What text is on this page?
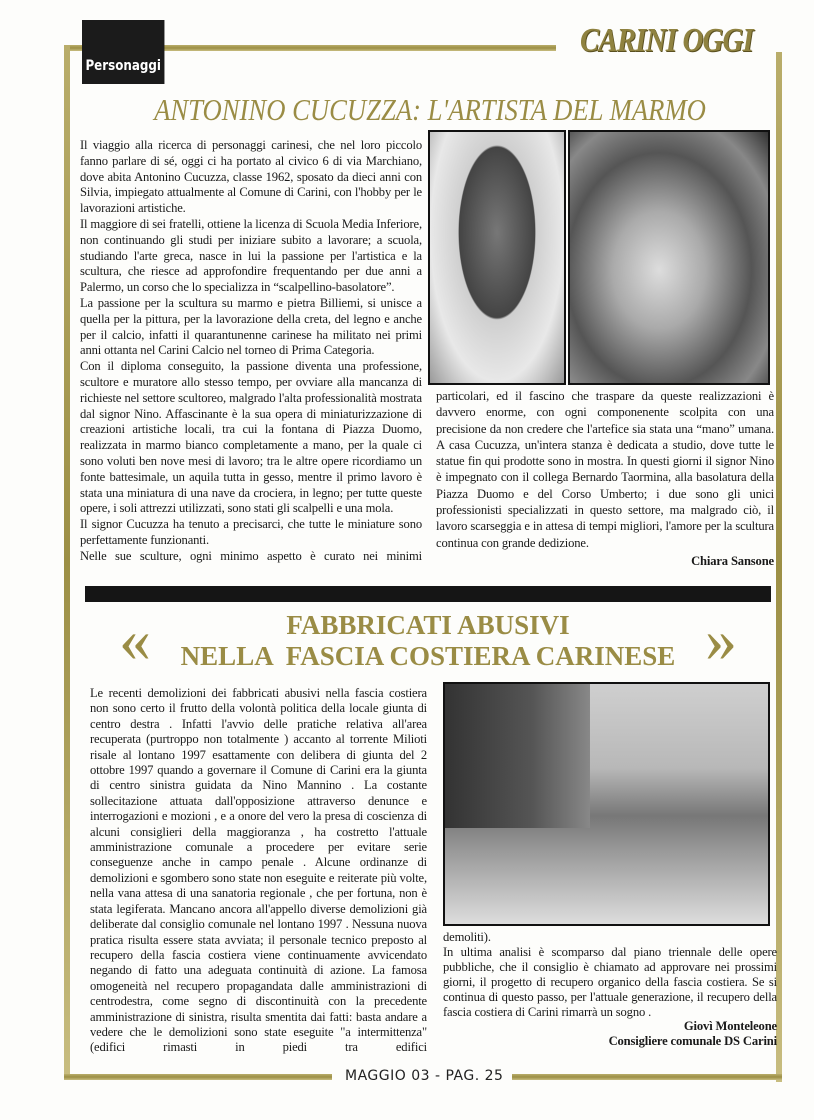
Personaggi
CARINI OGGI
ANTONINO CUCUZZA: L'ARTISTA DEL MARMO

Il viaggio alla ricerca di personaggi carinesi, che nel loro piccolo fanno parlare di sé, oggi ci ha portato al civico 6 di via Marchiano, dove abita Antonino Cucuzza, classe 1962, sposato da dieci anni con Silvia, impiegato attualmente al Comune di Carini, con l'hobby per le lavorazioni artistiche.

Il maggiore di sei fratelli, ottiene la licenza di Scuola Media Inferiore, non continuando gli studi per iniziare subito a lavorare; a scuola, studiando l'arte greca, nasce in lui la passione per l'artistica e la scultura, che riesce ad approfondire frequentando per due anni a Palermo, un corso che lo specializza in “scalpellino-basolatore”.

La passione per la scultura su marmo e pietra Billiemi, si unisce a quella per la pittura, per la lavorazione della creta, del legno e anche per il calcio, infatti il quarantunenne carinese ha militato nei primi anni ottanta nel Carini Calcio nel torneo di Prima Categoria.

Con il diploma conseguito, la passione diventa una professione, scultore e muratore allo stesso tempo, per ovviare alla mancanza di richieste nel settore scultoreo, malgrado l'alta professionalità mostrata dal signor Nino. Affascinante è la sua opera di miniaturizzazione di creazioni artistiche locali, tra cui la fontana di Piazza Duomo, realizzata in marmo bianco completamente a mano, per la quale ci sono voluti ben nove mesi di lavoro; tra le altre opere ricordiamo un fonte battesimale, un aquila tutta in gesso, mentre il primo lavoro è stata una miniatura di una nave da crociera, in legno; per tutte queste opere, i soli attrezzi utilizzati, sono stati gli scalpelli e una mola.

Il signor Cucuzza ha tenuto a precisarci, che tutte le miniature sono perfettamente funzionanti.

Nelle sue sculture, ogni minimo aspetto è curato nei minimi

particolari, ed il fascino che traspare da queste realizzazioni è davvero enorme, con ogni componenente scolpita con una precisione da non credere che l'artefice sia stata una “mano” umana. A casa Cucuzza, un'intera stanza è dedicata a studio, dove tutte le statue fin qui prodotte sono in mostra. In questi giorni il signor Nino è impegnato con il collega Bernardo Taormina, alla basolatura della Piazza Duomo e del Corso Umberto; i due sono gli unici professionisti specializzati in questo settore, ma malgrado ciò, il lavoro scarseggia e in attesa di tempi migliori, l'amore per la scultura continua con grande dedizione.

Chiara Sansone

«	»
FABBRICATI ABUSIVI
NELLA  FASCIA COSTIERA CARINESE

Le recenti demolizioni dei fabbricati abusivi nella fascia costiera non sono certo il frutto della volontà politica della locale giunta di centro destra . Infatti l'avvio delle pratiche relativa all'area recuperata (purtroppo non totalmente ) accanto al torrente Milioti risale al lontano 1997 esattamente con delibera di giunta del 2 ottobre 1997 quando a governare il Comune di Carini era la giunta di centro sinistra guidata da Nino Mannino . La costante sollecitazione attuata dall'opposizione attraverso denunce e interrogazioni e mozioni , e a onore del vero la presa di coscienza di alcuni consiglieri della maggioranza , ha costretto l'attuale amministrazione comunale a procedere per evitare serie conseguenze anche in campo penale . Alcune ordinanze di demolizioni e sgombero sono state non eseguite e reiterate più volte, nella vana attesa di una sanatoria regionale , che per fortuna, non è stata legiferata. Mancano ancora all'appello diverse demolizioni già deliberate dal consiglio comunale nel lontano 1997 . Nessuna nuova pratica risulta essere stata avviata; il personale tecnico preposto al recupero della fascia costiera viene continuamente avvicendato negando di fatto una adeguata continuità di azione. La famosa omogeneità nel recupero propagandata dalle amministrazioni di centrodestra, come segno di discontinuità con la precedente amministrazione di sinistra, risulta smentita dai fatti: basta andare a vedere che le demolizioni sono state eseguite "a intermittenza" (edifici rimasti in piedi tra edifici

demoliti).

In ultima analisi è scomparso dal piano triennale delle opere pubbliche, che il consiglio è chiamato ad approvare nei prossimi giorni, il progetto di recupero organico della fascia costiera. Se si continua di questo passo, per l'attuale generazione, il recupero della fascia costiera di Carini rimarrà un sogno .

Giovì Monteleone

Consigliere comunale DS Carini

MAGGIO 03 - PAG. 25
